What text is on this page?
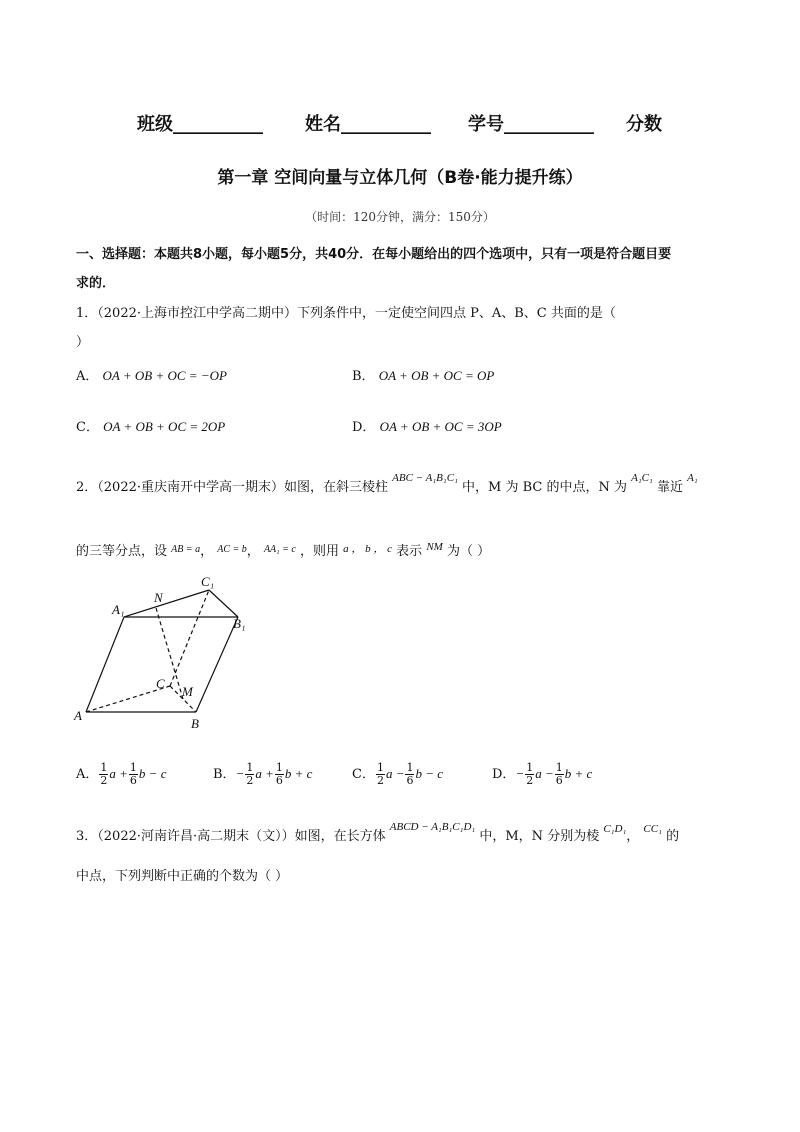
班级__________ 姓名__________ 学号__________ 分数
第一章 空间向量与立体几何（B卷·能力提升练）
（时间：120分钟，满分：150分）
一、选择题：本题共8小题，每小题5分，共40分．在每小题给出的四个选项中，只有一项是符合题目要
求的．
1．（2022·上海市控江中学高二期中）下列条件中，一定使空间四点 P、A、B、C 共面的是（
）
A． OA + OB + OC = −OP	B． OA + OB + OC = OP
C． OA + OB + OC = 2OP	D． OA + OB + OC = 3OP
2．（2022·重庆南开中学高一期末）如图，在斜三棱柱 $^{ABC - A_1B_1C_1}$ 中，M 为 BC 的中点，N 为 $^{A_1C_1}$ 靠近 $^{A_1}$
的三等分点，设 $^{AB = a}$， $^{AC = b}$， $^{AA_1 = c}$ ，则用 $^{a , b , c}$ 表示 $^{NM}$ 为（ ）
A₁
N
C₁
B₁
C
M
A
B
A． $\frac{1}{2}$ $a + \frac{1}{6}$ b − c	B．− $\frac{1}{2}$ $a + \frac{1}{6}$ b + c	C． $\frac{1}{2}$ $a - \frac{1}{6}$ b − c	D．− $\frac{1}{2}$ $a - \frac{1}{6}$ b + c
3．（2022·河南许昌·高二期末（文））如图，在长方体 $^{ABCD - A_1B_1C_1D_1}$ 中，M，N 分别为棱 $^{C_1D_1}$， $^{CC_1}$ 的
中点，下列判断中正确的个数为（ ）
